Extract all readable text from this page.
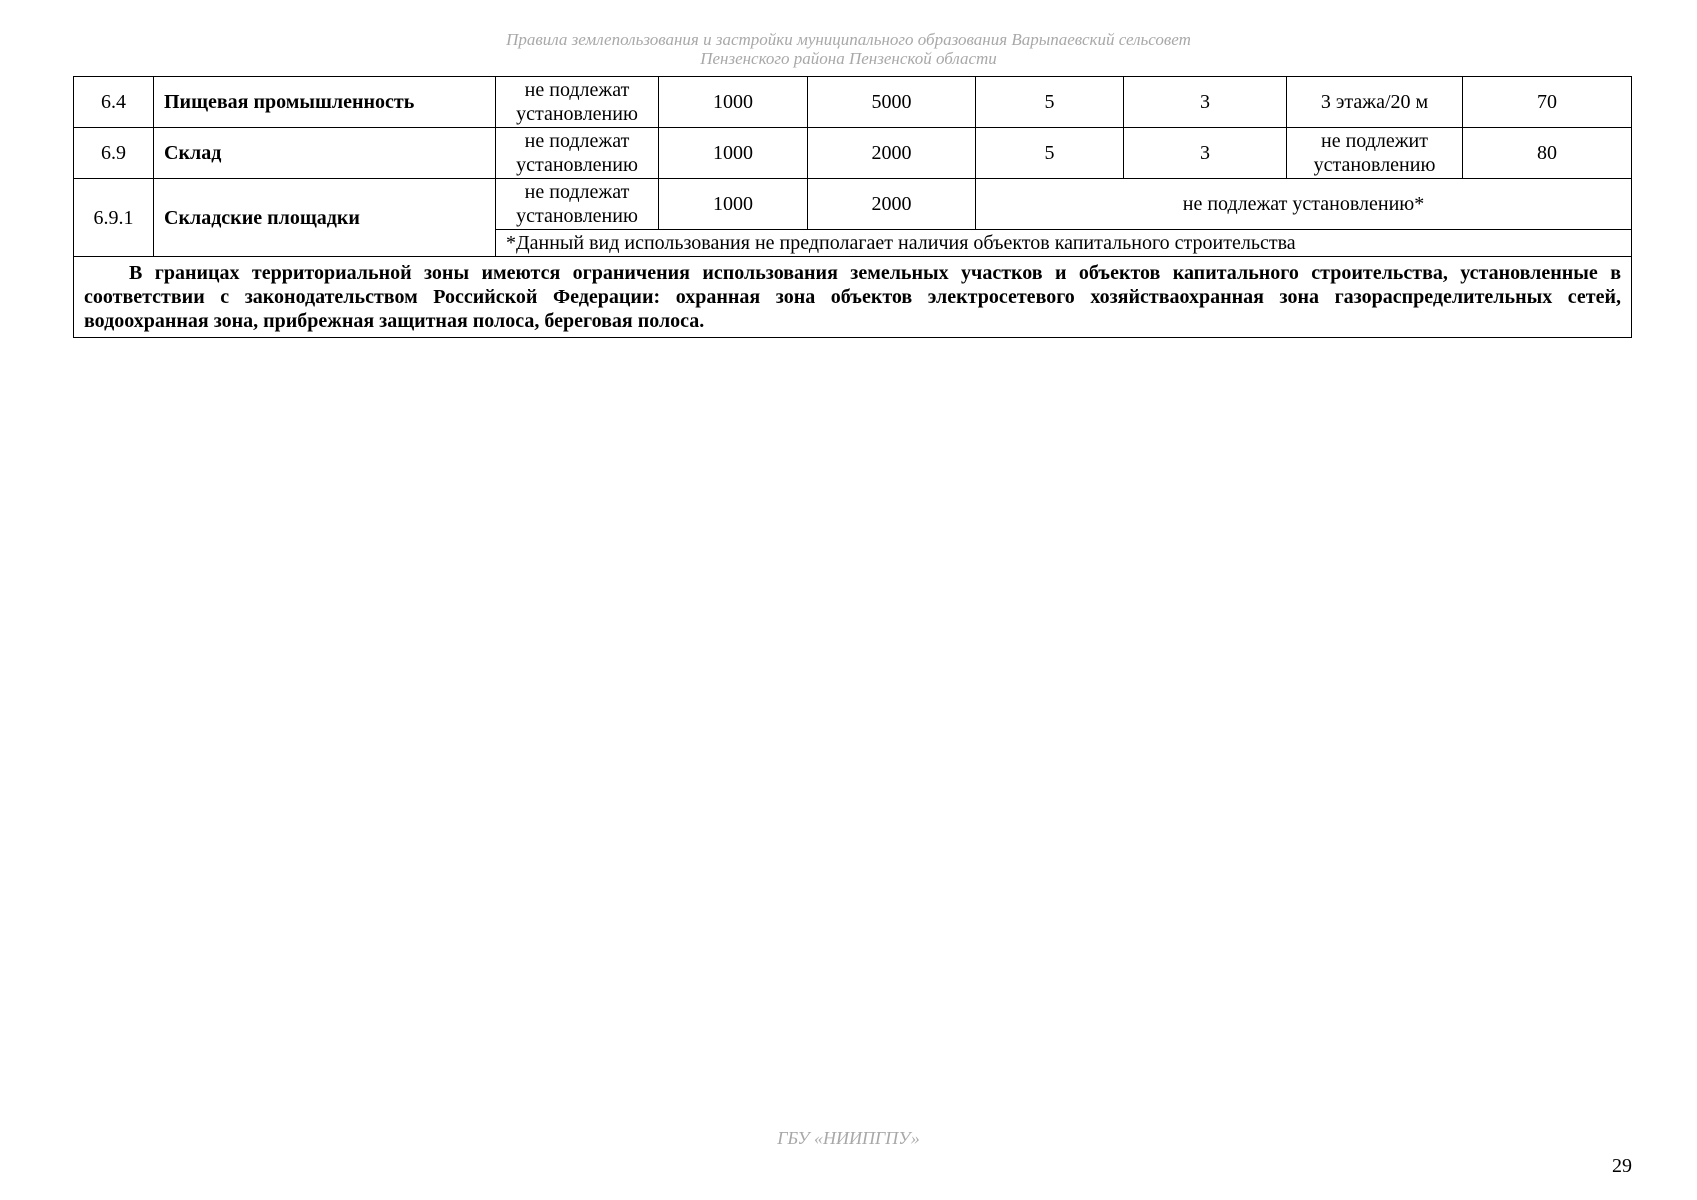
Правила землепользования и застройки муниципального образования Варыпаевский сельсовет
Пензенского района Пензенской области
6.4	Пищевая промышленность	не подлежат установлению	1000	5000	5	3	3 этажа/20 м	70
6.9	Склад	не подлежат установлению	1000	2000	5	3	не подлежит установлению	80
6.9.1	Складские площадки	не подлежат установлению	1000	2000	не подлежат установлению*			
		*Данный вид использования не предполагает наличия объектов капитального строительства						

В границах территориальной зоны имеются ограничения использования земельных участков и объектов капитального строительства, установленные в соответствии с законодательством Российской Федерации: охранная зона объектов электросетевого хозяйстваохранная зона газораспределительных сетей, водоохранная зона, прибрежная защитная полоса, береговая полоса.								
ГБУ «НИИПГПУ»
29
